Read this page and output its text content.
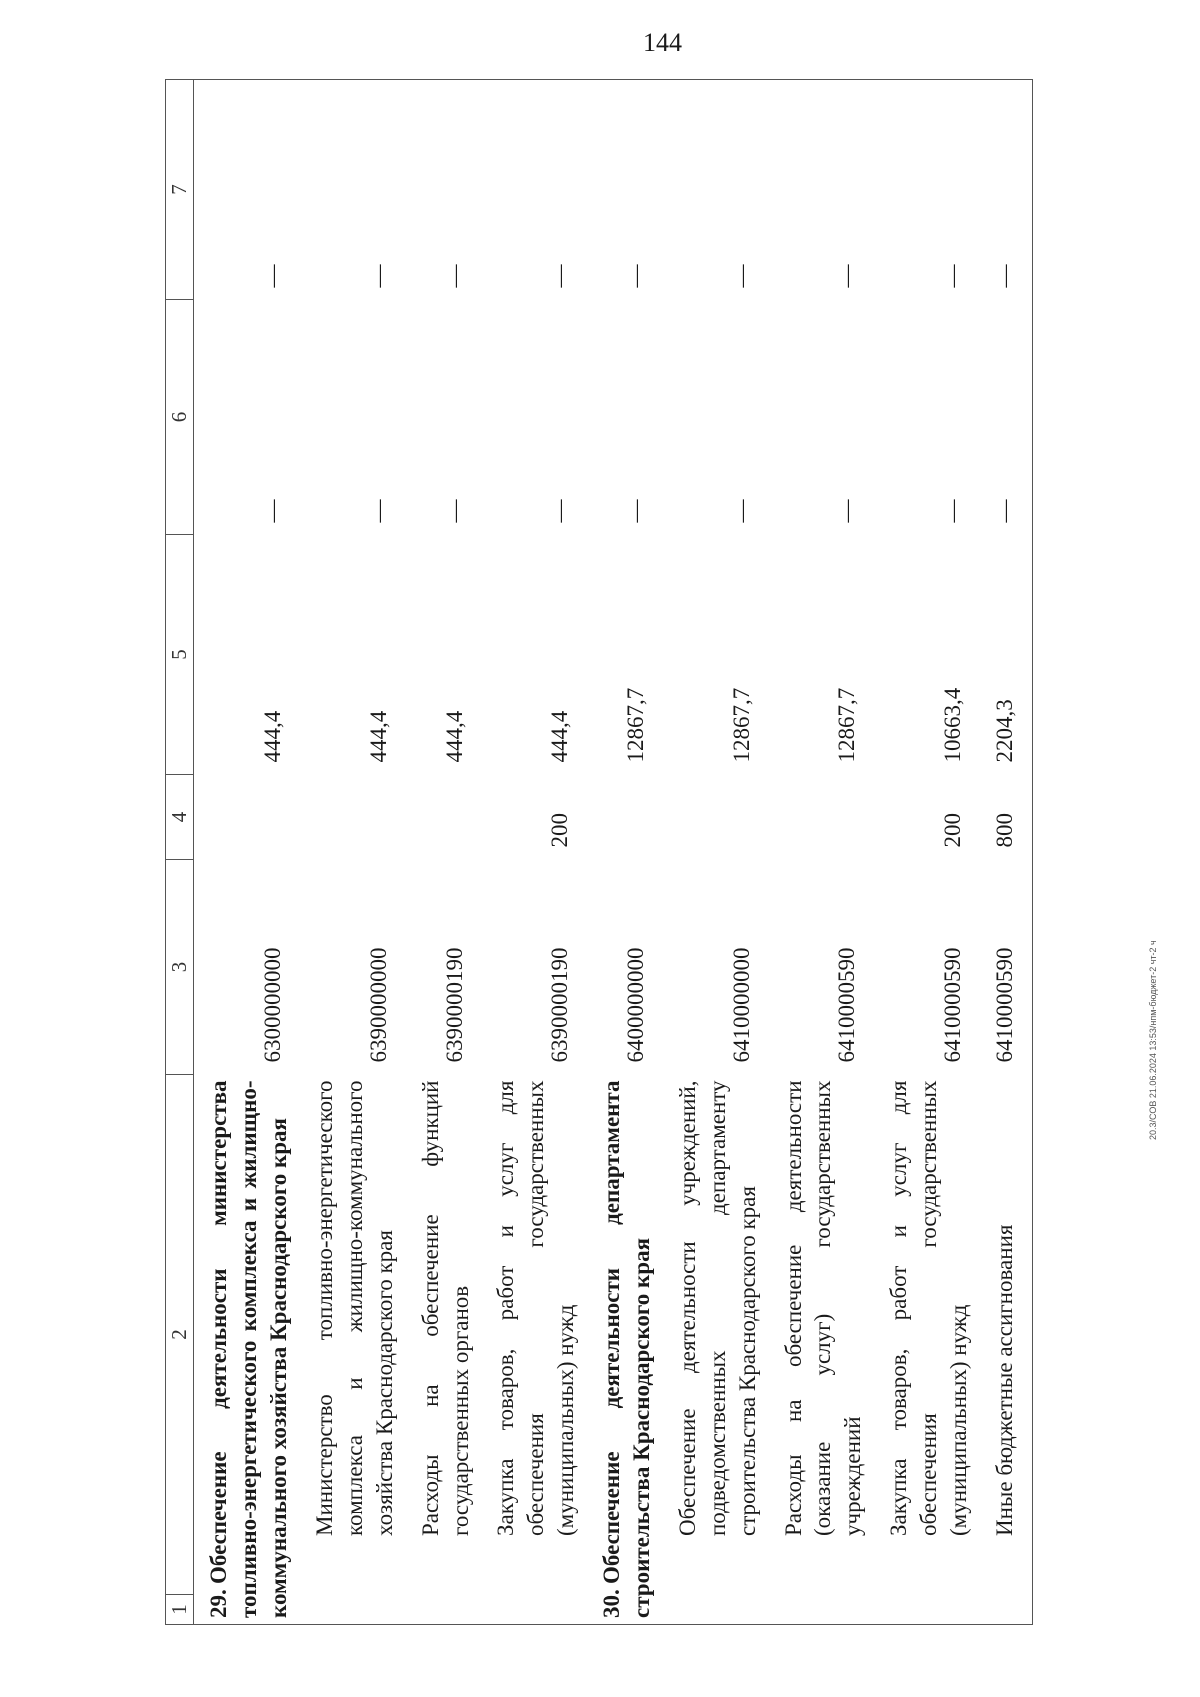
144
20.3/СОВ 21.06.2024 13:53/нпм-бюджет-2 чт-2 ч
1	2	3	4	5	6	7
29.Обеспечение деятельности министерства топливно-энергетического комплекса и жилищно-коммунального хозяйства Краснодарского края		6300000000		444,4	—	—
Министерство топливно-энергетического комплекса и жилищно-коммунального хозяйства Краснодарского края		6390000000		444,4	—	—
Расходы на обеспечение функций государственных органов		6390000190		444,4	—	—
Закупка товаров, работ и услуг для обеспечения государственных (муниципальных) нужд		6390000190	200	444,4	—	—
30.Обеспечение деятельности департамента строительства Краснодарского края		6400000000		12867,7	—	—
Обеспечение деятельности учреждений, подведомственных департаменту строительства Краснодарского края		6410000000		12867,7	—	—
Расходы на обеспечение деятельности (оказание услуг) государственных учреждений		6410000590		12867,7	—	—
Закупка товаров, работ и услуг для обеспечения государственных (муниципальных) нужд		6410000590	200	10663,4	—	—
Иные бюджетные ассигнования		6410000590	800	2204,3	—	—
